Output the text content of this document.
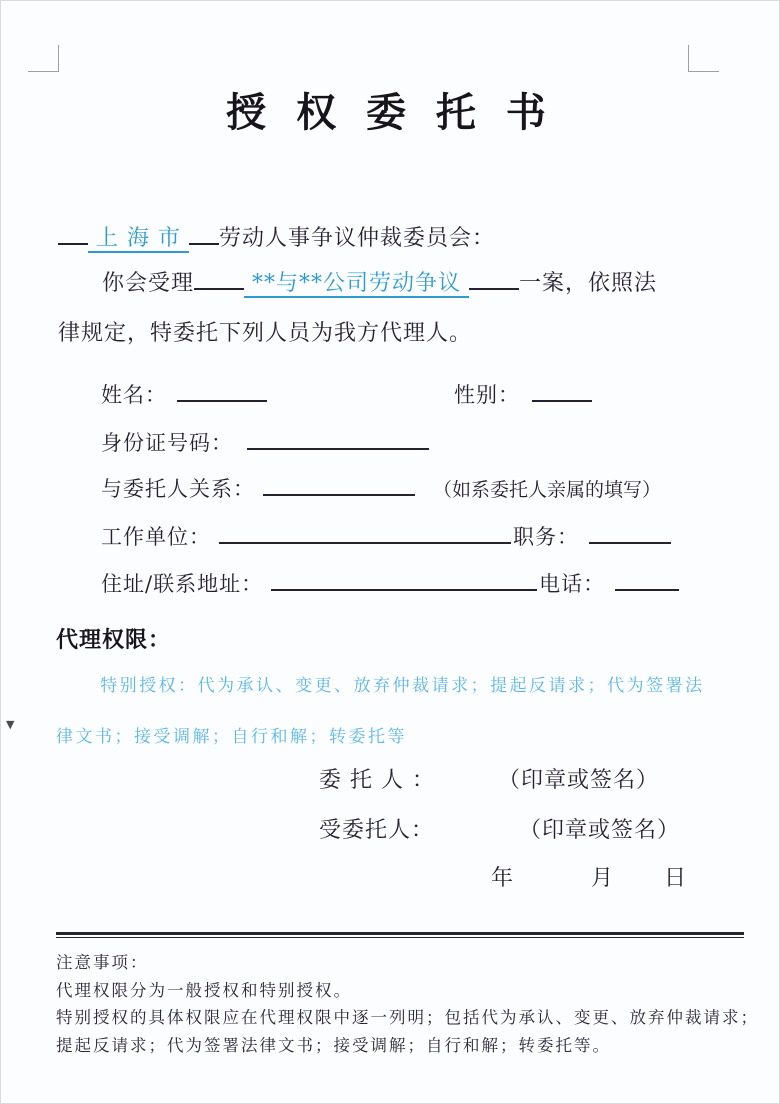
授 权 委 托 书
上 海 市 劳动人事争议仲裁委员会：
你会受理	**与**公司劳动争议	一案，依照法律规定，特委托下列人员为我方代理人。
姓名：	性别：
身份证号码：
与委托人关系：	（如系委托人亲属的填写）
工作单位：	职务：
住址/联系地址：	电话：
代理权限：
特别授权：代为承认、变更、放弃仲裁请求；提起反请求；代为签署法律文书；接受调解；自行和解；转委托等
▼
委 托 人 ：	（印章或签名）
受委托人：	（印章或签名）
年	月 日
注意事项：
代理权限分为一般授权和特别授权。
特别授权的具体权限应在代理权限中逐一列明；包括代为承认、变更、放弃仲裁请求；提起反请求；代为签署法律文书；接受调解；自行和解；转委托等。
